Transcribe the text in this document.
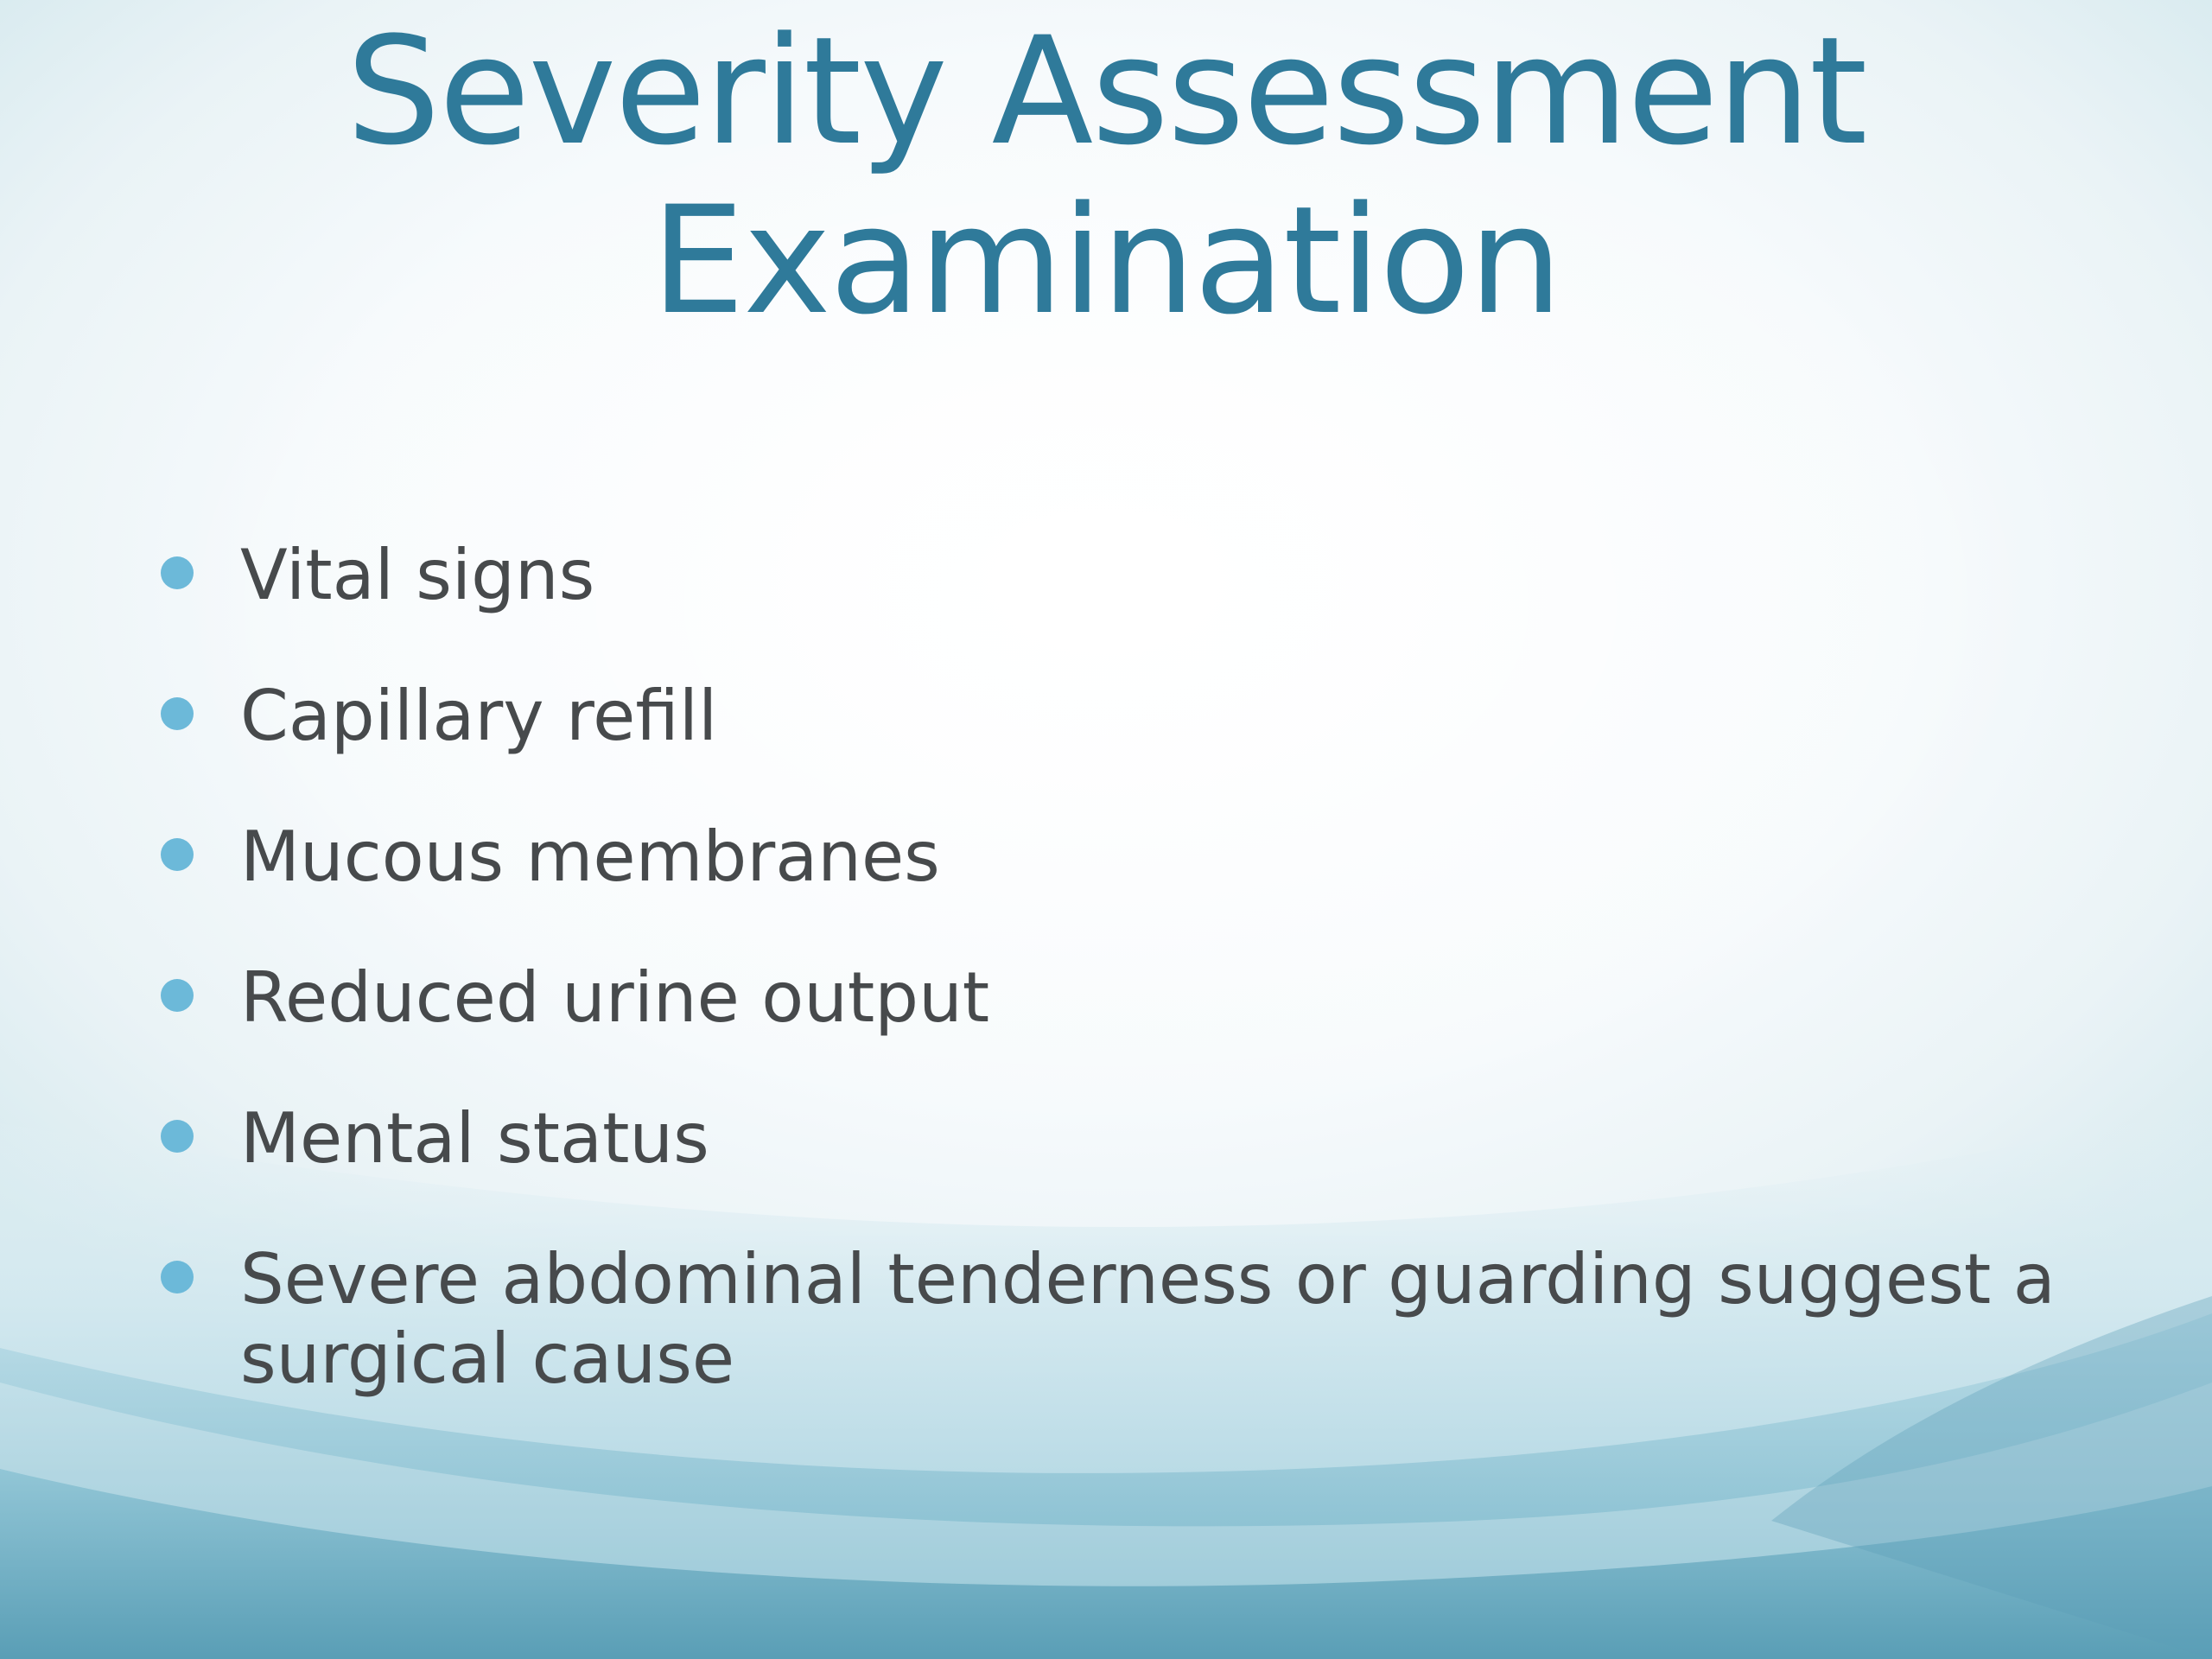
Severity Assessment
Examination
Vital signs
Capillary refill
Mucous membranes
Reduced urine output
Mental status
Severe abdominal tenderness or guarding suggest a surgical cause
